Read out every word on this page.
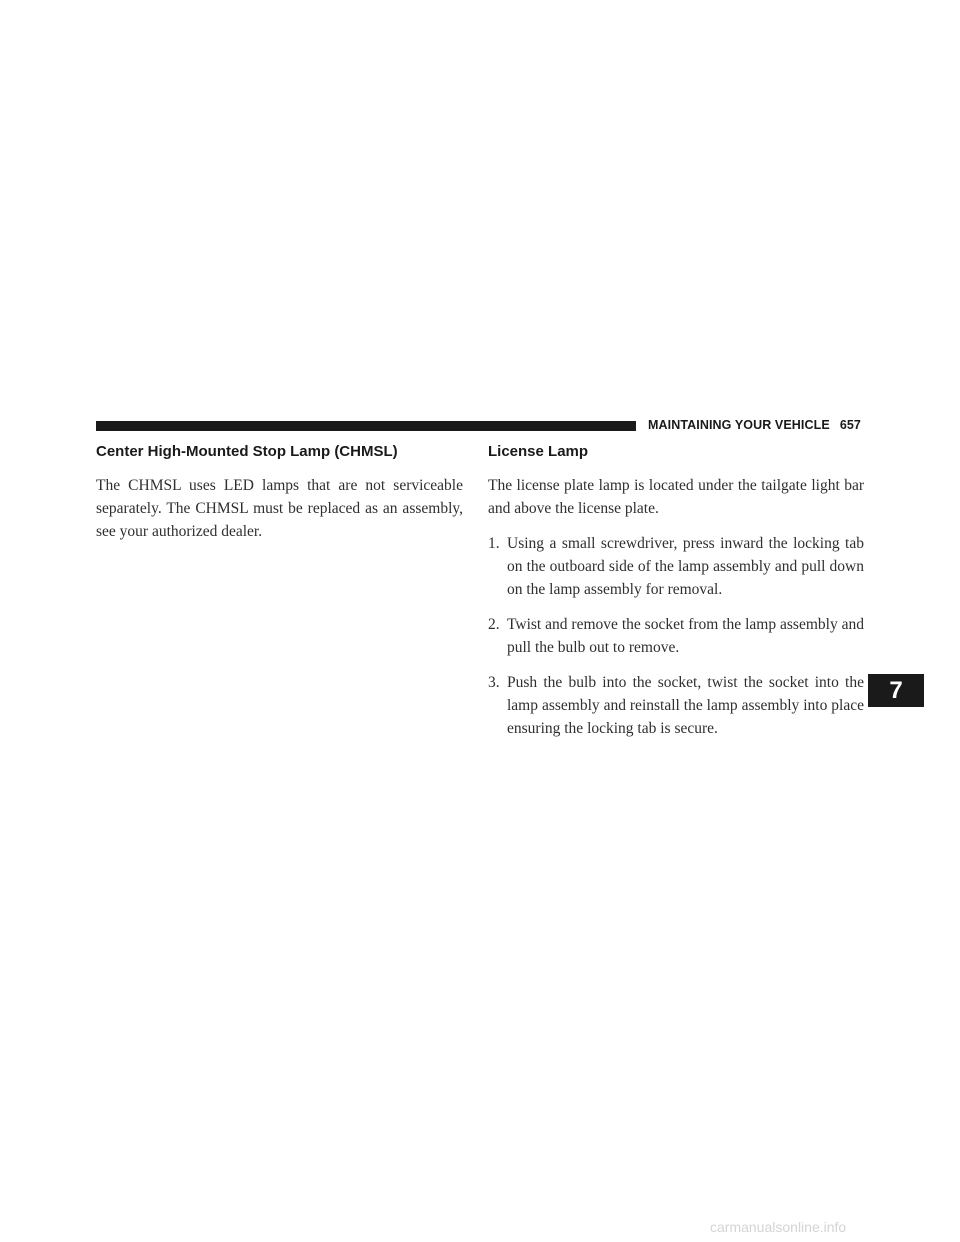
MAINTAINING YOUR VEHICLE 657
Center High-Mounted Stop Lamp (CHMSL)

The CHMSL uses LED lamps that are not serviceable separately. The CHMSL must be replaced as an assembly, see your authorized dealer.

License Lamp

The license plate lamp is located under the tailgate light bar and above the license plate.

1. Using a small screwdriver, press inward the locking tab on the outboard side of the lamp assembly and pull down on the lamp assembly for removal.
2. Twist and remove the socket from the lamp assembly and pull the bulb out to remove.
3. Push the bulb into the socket, twist the socket into the lamp assembly and reinstall the lamp assembly into place ensuring the locking tab is secure.
7
carmanualsonline.info
